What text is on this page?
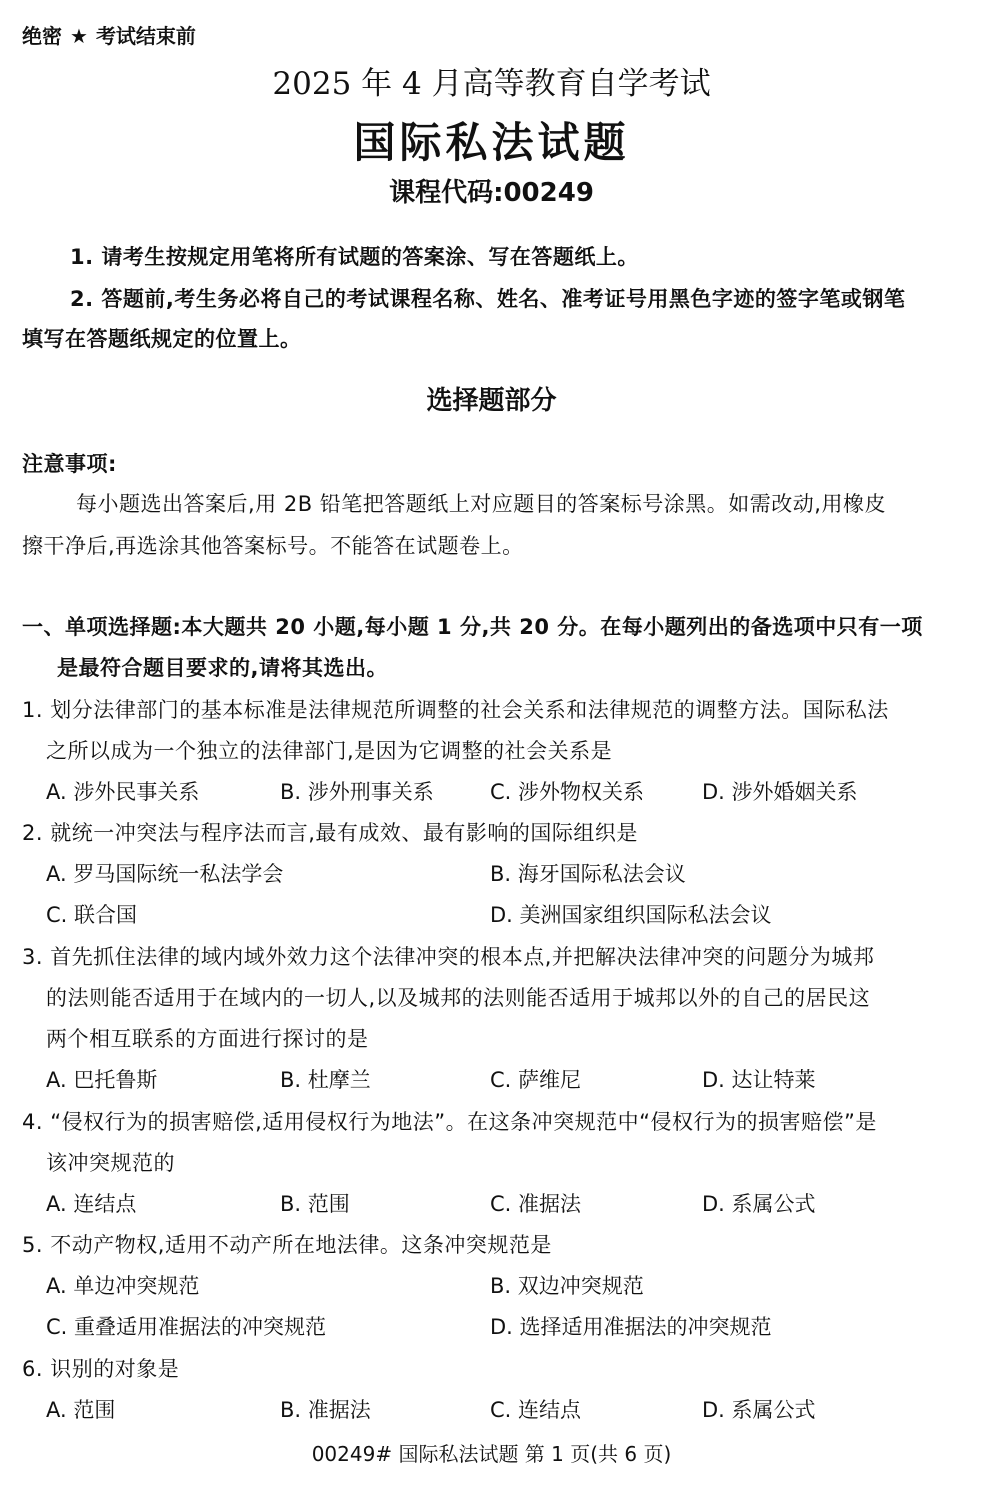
绝密 ★ 考试结束前
2025 年 4 月高等教育自学考试
国际私法试题
课程代码:00249
1. 请考生按规定用笔将所有试题的答案涂、写在答题纸上。
2. 答题前,考生务必将自己的考试课程名称、姓名、准考证号用黑色字迹的签字笔或钢笔
填写在答题纸规定的位置上。
选择题部分
注意事项:
每小题选出答案后,用 2B 铅笔把答题纸上对应题目的答案标号涂黑。如需改动,用橡皮
擦干净后,再选涂其他答案标号。不能答在试题卷上。
一、单项选择题:本大题共 20 小题,每小题 1 分,共 20 分。在每小题列出的备选项中只有一项
是最符合题目要求的,请将其选出。
1. 划分法律部门的基本标准是法律规范所调整的社会关系和法律规范的调整方法。国际私法
之所以成为一个独立的法律部门,是因为它调整的社会关系是
A. 涉外民事关系	B. 涉外刑事关系	C. 涉外物权关系	D. 涉外婚姻关系
2. 就统一冲突法与程序法而言,最有成效、最有影响的国际组织是
A. 罗马国际统一私法学会	B. 海牙国际私法会议
C. 联合国	D. 美洲国家组织国际私法会议
3. 首先抓住法律的域内域外效力这个法律冲突的根本点,并把解决法律冲突的问题分为城邦
的法则能否适用于在域内的一切人,以及城邦的法则能否适用于城邦以外的自己的居民这
两个相互联系的方面进行探讨的是
A. 巴托鲁斯	B. 杜摩兰	C. 萨维尼	D. 达让特莱
4. “侵权行为的损害赔偿,适用侵权行为地法”。在这条冲突规范中“侵权行为的损害赔偿”是
该冲突规范的
A. 连结点	B. 范围	C. 准据法	D. 系属公式
5. 不动产物权,适用不动产所在地法律。这条冲突规范是
A. 单边冲突规范	B. 双边冲突规范
C. 重叠适用准据法的冲突规范	D. 选择适用准据法的冲突规范
6. 识别的对象是
A. 范围	B. 准据法	C. 连结点	D. 系属公式
00249# 国际私法试题 第 1 页(共 6 页)
